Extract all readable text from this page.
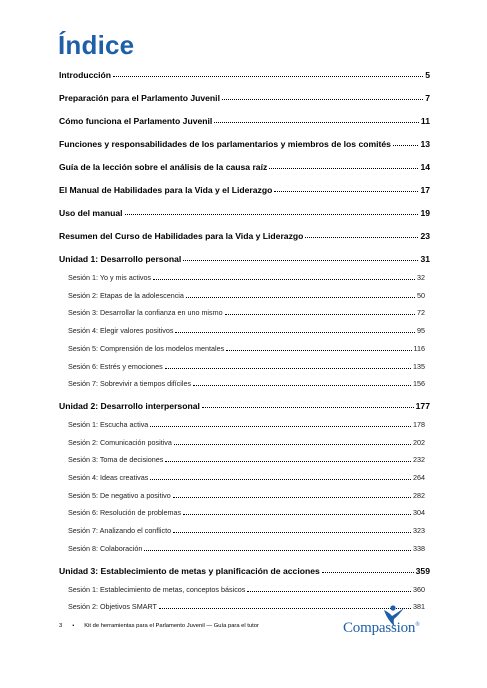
Índice
Introducción	5
Preparación para el Parlamento Juvenil	7
Cómo funciona el Parlamento Juvenil	11
Funciones y responsabilidades de los parlamentarios y miembros de los comités	13
Guía de la lección sobre el análisis de la causa raíz	14
El Manual de Habilidades para la Vida y el Liderazgo	17
Uso del manual	19
Resumen del Curso de Habilidades para la Vida y Liderazgo	23
Unidad 1: Desarrollo personal	31
Sesión 1: Yo y mis activos	32
Sesión 2: Etapas de la adolescencia	50
Sesión 3: Desarrollar la confianza en uno mismo	72
Sesión 4: Elegir valores positivos	95
Sesión 5: Comprensión de los modelos mentales	116
Sesión 6: Estrés y emociones	135
Sesión 7: Sobrevivir a tiempos difíciles	156
Unidad 2: Desarrollo interpersonal	177
Sesión 1: Escucha activa	178
Sesión 2: Comunicación positiva	202
Sesión 3: Toma de decisiones	232
Sesión 4: Ideas creativas	264
Sesión 5: De negativo a positivo	282
Sesión 6: Resolución de problemas	304
Sesión 7: Analizando el conflicto	323
Sesión 8: Colaboración	338
Unidad 3: Establecimiento de metas y planificación de acciones	359
Sesión 1: Establecimiento de metas, conceptos básicos	360
Sesión 2: Objetivos SMART	381
3 • Kit de herramientas para el Parlamento Juvenil — Guía para el tutor	Compassion®
